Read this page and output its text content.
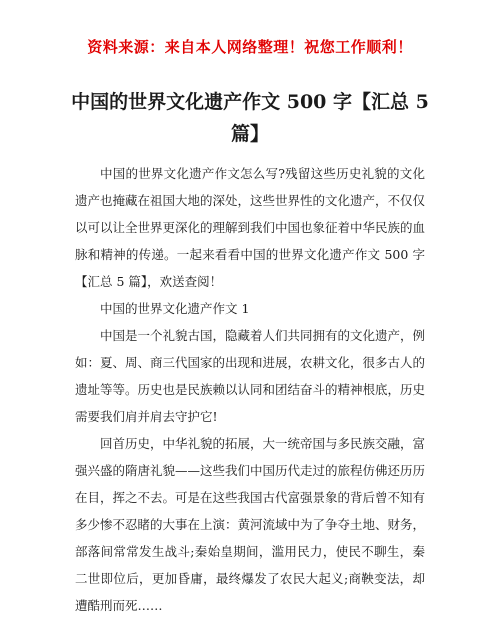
资料来源：来自本人网络整理！祝您工作顺利！
中国的世界文化遗产作文 500 字【汇总 5
篇】

中国的世界文化遗产作文怎么写?残留这些历史礼貌的文化遗产也掩藏在祖国大地的深处，这些世界性的文化遗产，不仅仅以可以让全世界更深化的理解到我们中国也象征着中华民族的血脉和精神的传递。一起来看看中国的世界文化遗产作文 500 字【汇总 5 篇】，欢送查阅！

中国的世界文化遗产作文 1

中国是一个礼貌古国，隐藏着人们共同拥有的文化遗产，例如：夏、周、商三代国家的出现和进展，农耕文化，很多古人的遗址等等。历史也是民族赖以认同和团结奋斗的精神根底，历史需要我们肩并肩去守护它!

回首历史，中华礼貌的拓展，大一统帝国与多民族交融，富强兴盛的隋唐礼貌——这些我们中国历代走过的旅程仿佛还历历在目，挥之不去。可是在这些我国古代富强景象的背后曾不知有多少惨不忍睹的大事在上演：黄河流域中为了争夺土地、财务，部落间常常发生战斗;秦始皇期间，滥用民力，使民不聊生，秦二世即位后，更加昏庸，最终爆发了农民大起义;商鞅变法，却遭酷刑而死……
